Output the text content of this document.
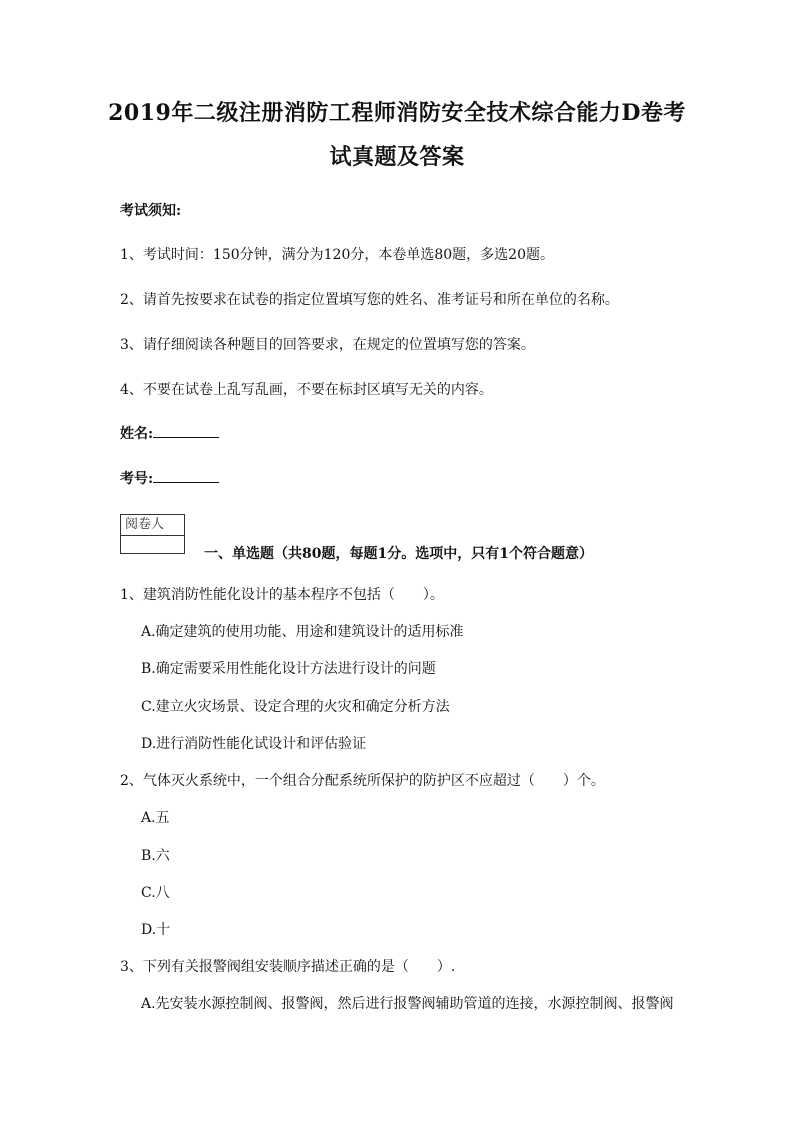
2019年二级注册消防工程师消防安全技术综合能力D卷考
试真题及答案
考试须知:
1、考试时间：150分钟，满分为120分，本卷单选80题，多选20题。
2、请首先按要求在试卷的指定位置填写您的姓名、准考证号和所在单位的名称。
3、请仔细阅读各种题目的回答要求，在规定的位置填写您的答案。
4、不要在试卷上乱写乱画，不要在标封区填写无关的内容。
姓名:
考号:
阅卷人
一、单选题（共80题，每题1分。选项中，只有1个符合题意）
1、建筑消防性能化设计的基本程序不包括（　　）。
A.确定建筑的使用功能、用途和建筑设计的适用标准
B.确定需要采用性能化设计方法进行设计的问题
C.建立火灾场景、设定合理的火灾和确定分析方法
D.进行消防性能化试设计和评估验证
2、气体灭火系统中，一个组合分配系统所保护的防护区不应超过（　　）个。
A.五
B.六
C.八
D.十
3、下列有关报警阀组安装顺序描述正确的是（　　）.
A.先安装水源控制阀、报警阀，然后进行报警阀辅助管道的连接，水源控制阀、报警阀
